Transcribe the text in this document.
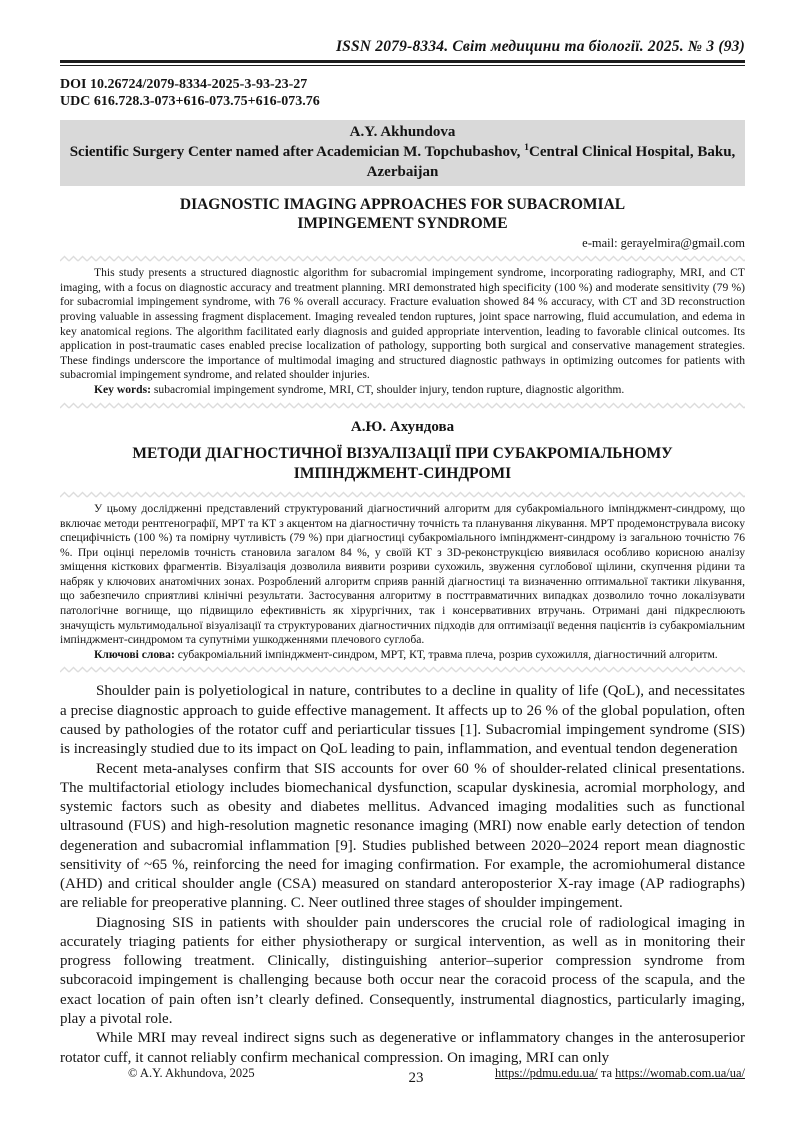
ISSN 2079-8334. Світ медицини та біології. 2025. № 3 (93)
DOI 10.26724/2079-8334-2025-3-93-23-27
UDC 616.728.3-073+616-073.75+616-073.76
A.Y. Akhundova
Scientific Surgery Center named after Academician M. Topchubashov, $^1$Central Clinical Hospital, Baku, Azerbaijan
DIAGNOSTIC IMAGING APPROACHES FOR SUBACROMIAL IMPINGEMENT SYNDROME
e-mail: gerayelmira@gmail.com

This study presents a structured diagnostic algorithm for subacromial impingement syndrome, incorporating radiography, MRI, and CT imaging, with a focus on diagnostic accuracy and treatment planning. MRI demonstrated high specificity (100 %) and moderate sensitivity (79 %) for subacromial impingement syndrome, with 76 % overall accuracy. Fracture evaluation showed 84 % accuracy, with CT and 3D reconstruction proving valuable in assessing fragment displacement. Imaging revealed tendon ruptures, joint space narrowing, fluid accumulation, and edema in key anatomical regions. The algorithm facilitated early diagnosis and guided appropriate intervention, leading to favorable clinical outcomes. Its application in post-traumatic cases enabled precise localization of pathology, supporting both surgical and conservative management strategies. These findings underscore the importance of multimodal imaging and structured diagnostic pathways in optimizing outcomes for patients with subacromial impingement syndrome, and related shoulder injuries.

Key words: subacromial impingement syndrome, MRI, CT, shoulder injury, tendon rupture, diagnostic algorithm.

А.Ю. Ахундова
МЕТОДИ ДІАГНОСТИЧНОЇ ВІЗУАЛІЗАЦІЇ ПРИ СУБАКРОМІАЛЬНОМУ ІМПІНДЖМЕНТ-СИНДРОМІ

У цьому дослідженні представлений структурований діагностичний алгоритм для субакроміального імпінджмент-синдрому, що включає методи рентгенографії, МРТ та КТ з акцентом на діагностичну точність та планування лікування. МРТ продемонструвала високу специфічність (100 %) та помірну чутливість (79 %) при діагностиці субакроміального імпінджмент-синдрому із загальною точністю 76 %. При оцінці переломів точність становила загалом 84 %, у своїй КТ з 3D-реконструкцією виявилася особливо корисною аналізу зміщення кісткових фрагментів. Візуалізація дозволила виявити розриви сухожиль, звуження суглобової щілини, скупчення рідини та набряк у ключових анатомічних зонах. Розроблений алгоритм сприяв ранній діагностиці та визначенню оптимальної тактики лікування, що забезпечило сприятливі клінічні результати. Застосування алгоритму в посттравматичних випадках дозволило точно локалізувати патологічне вогнище, що підвищило ефективність як хірургічних, так і консервативних втручань. Отримані дані підкреслюють значущість мультимодальної візуалізації та структурованих діагностичних підходів для оптимізації ведення пацієнтів із субакроміальним імпінджмент-синдромом та супутніми ушкодженнями плечового суглоба.

Ключові слова: субакроміальний імпінджмент-синдром, МРТ, КТ, травма плеча, розрив сухожилля, діагностичний алгоритм.

Shoulder pain is polyetiological in nature, contributes to a decline in quality of life (QoL), and necessitates a precise diagnostic approach to guide effective management. It affects up to 26 % of the global population, often caused by pathologies of the rotator cuff and periarticular tissues [1]. Subacromial impingement syndrome (SIS) is increasingly studied due to its impact on QoL leading to pain, inflammation, and eventual tendon degeneration

Recent meta-analyses confirm that SIS accounts for over 60 % of shoulder-related clinical presentations. The multifactorial etiology includes biomechanical dysfunction, scapular dyskinesia, acromial morphology, and systemic factors such as obesity and diabetes mellitus. Advanced imaging modalities such as functional ultrasound (FUS) and high-resolution magnetic resonance imaging (MRI) now enable early detection of tendon degeneration and subacromial inflammation [9]. Studies published between 2020–2024 report mean diagnostic sensitivity of ~65 %, reinforcing the need for imaging confirmation. For example, the acromiohumeral distance (AHD) and critical shoulder angle (CSA) measured on standard anteroposterior X-ray image (AP radiographs) are reliable for preoperative planning. C. Neer outlined three stages of shoulder impingement.

Diagnosing SIS in patients with shoulder pain underscores the crucial role of radiological imaging in accurately triaging patients for either physiotherapy or surgical intervention, as well as in monitoring their progress following treatment. Clinically, distinguishing anterior–superior compression syndrome from subcoracoid impingement is challenging because both occur near the coracoid process of the scapula, and the exact location of pain often isn’t clearly defined. Consequently, instrumental diagnostics, particularly imaging, play a pivotal role.

While MRI may reveal indirect signs such as degenerative or inflammatory changes in the anterosuperior rotator cuff, it cannot reliably confirm mechanical compression. On imaging, MRI can only

© A.Y. Akhundova, 2025	23	https://pdmu.edu.ua/ та https://womab.com.ua/ua/
